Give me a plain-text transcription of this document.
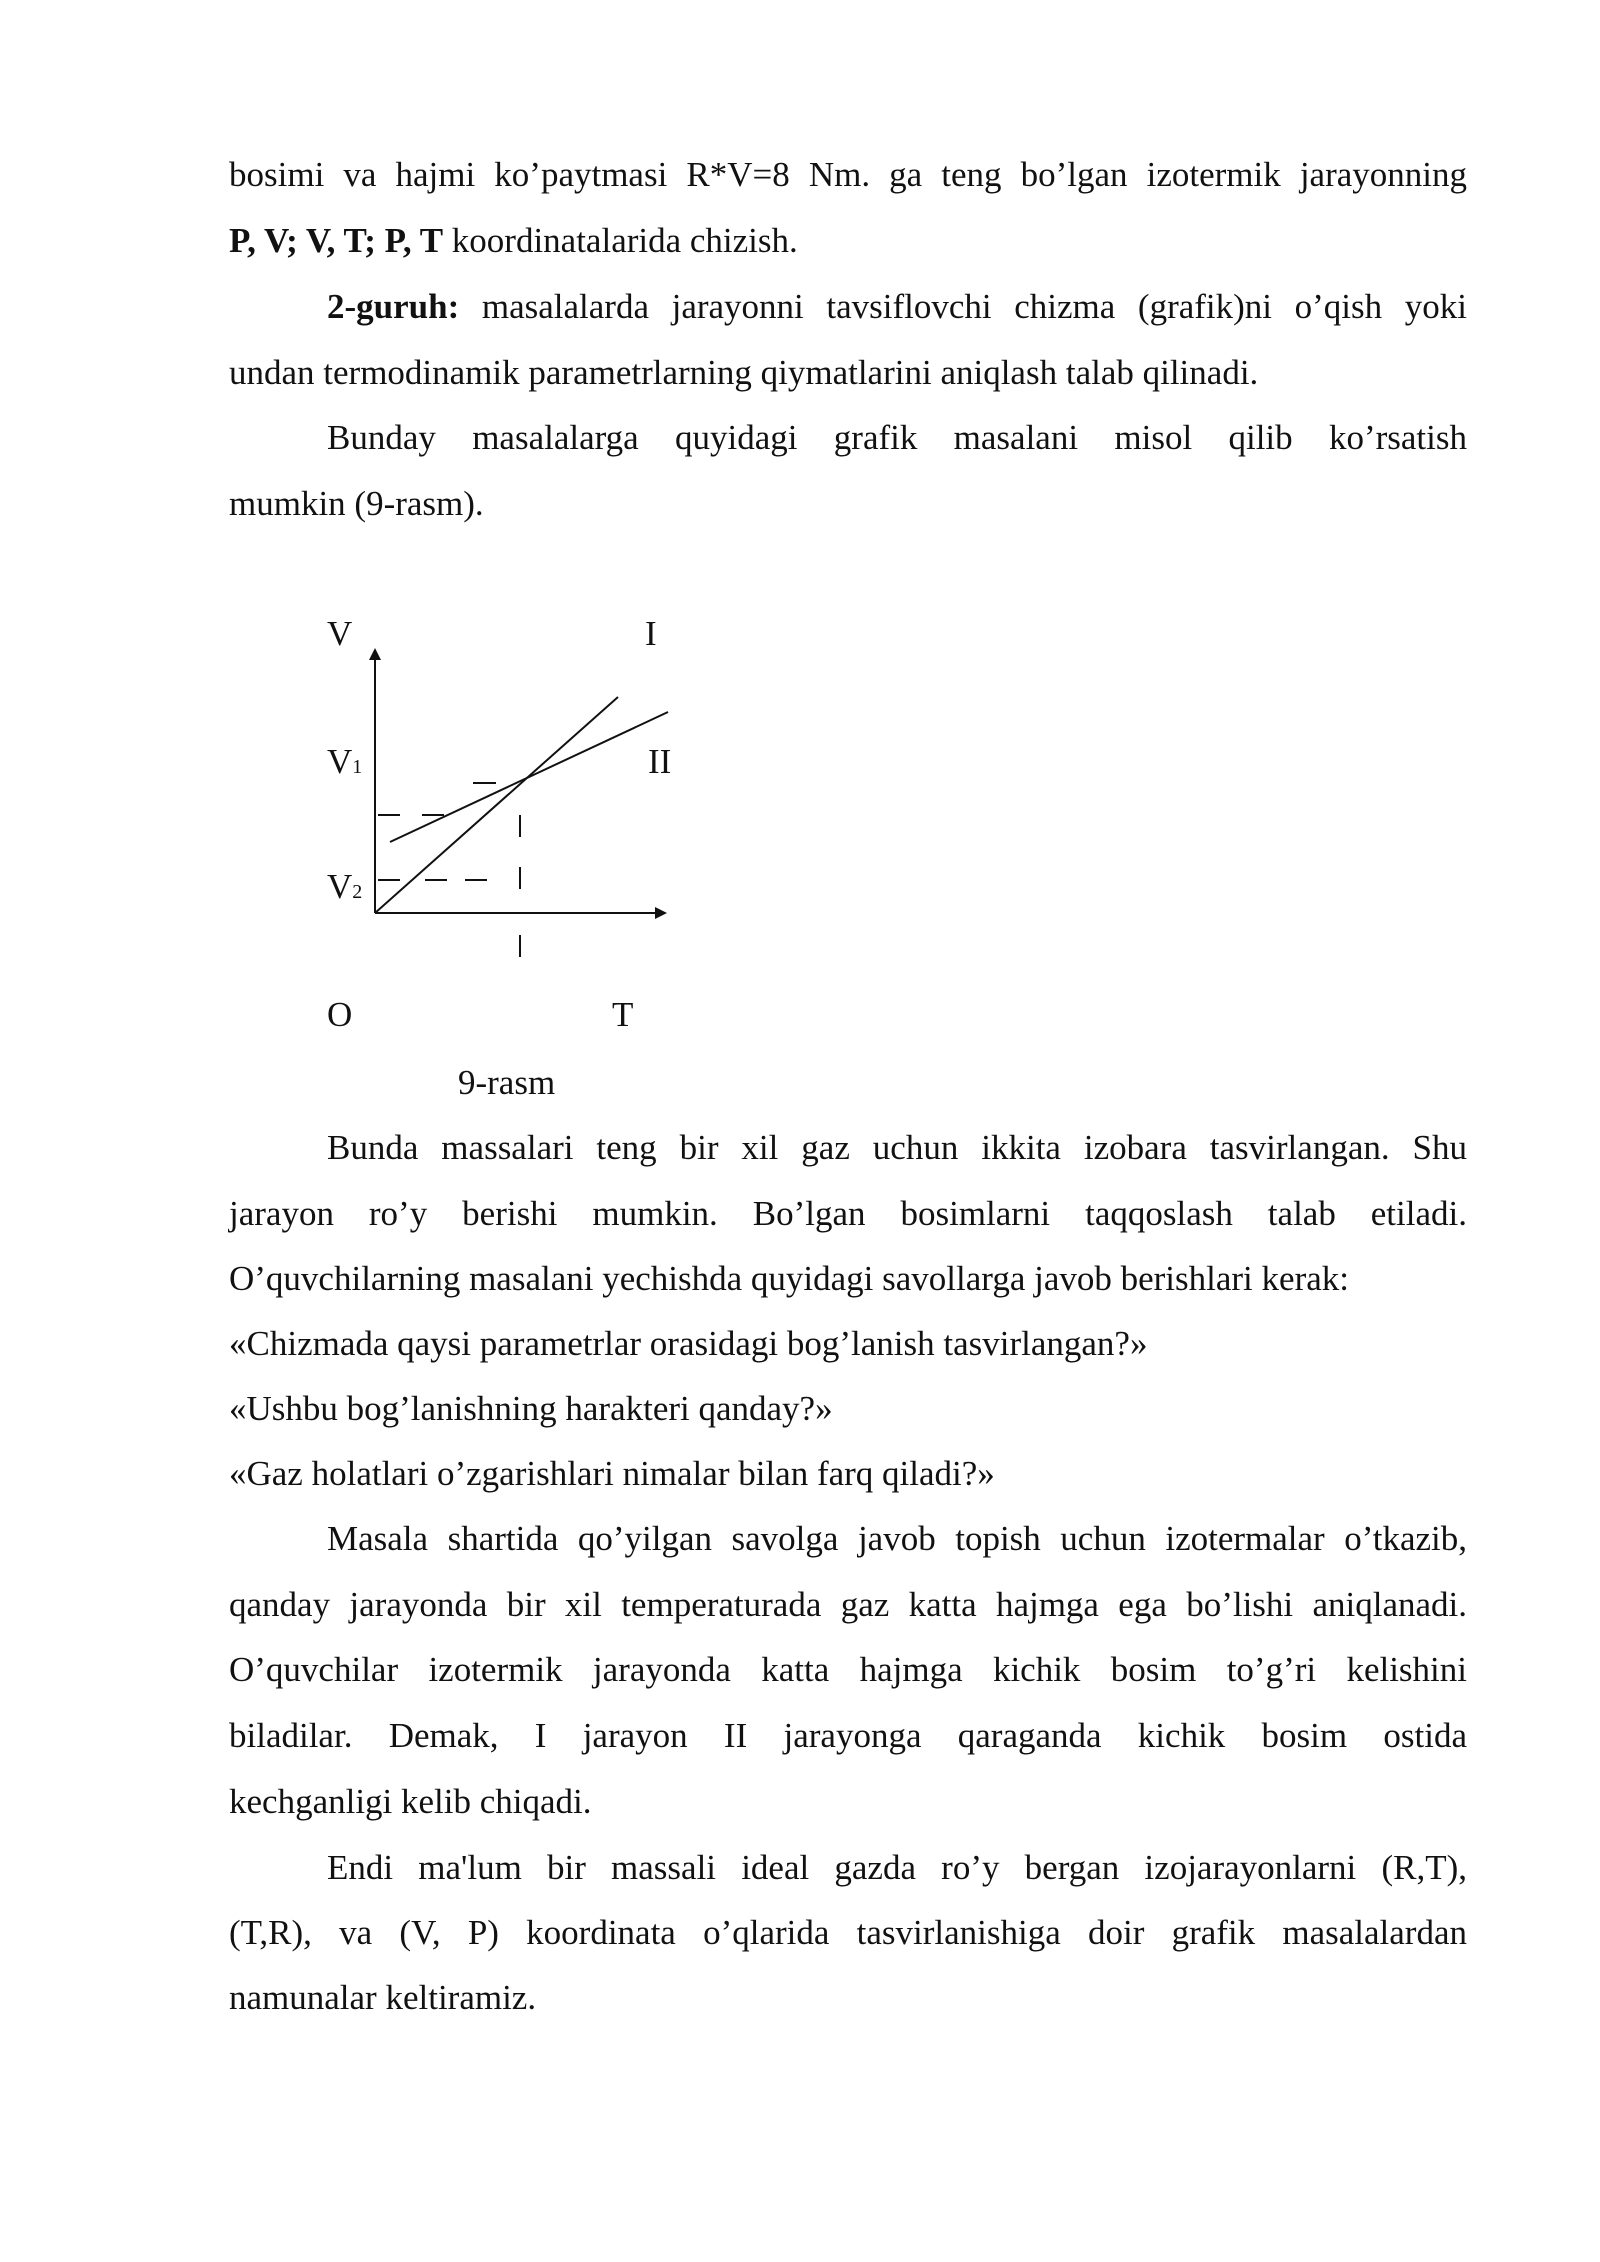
bosimi va hajmi ko’paytmasi R*V=8 Nm. ga teng bo’lgan izotermik jarayonning
P, V; V, T; P, T koordinatalarida chizish.
2-guruh: masalalarda jarayonni tavsiflovchi chizma (grafik)ni o’qish yoki
undan termodinamik parametrlarning qiymatlarini aniqlash talab qilinadi.
Bunday masalalarga quyidagi grafik masalani misol qilib ko’rsatish
mumkin (9-rasm).
V	I
V1	II
V2
O	T
9-rasm
Bunda massalari teng bir xil gaz uchun ikkita izobara tasvirlangan. Shu
jarayon ro’y berishi mumkin. Bo’lgan bosimlarni taqqoslash talab etiladi.
O’quvchilarning masalani yechishda quyidagi savollarga javob berishlari kerak:
«Chizmada qaysi parametrlar orasidagi bog’lanish tasvirlangan?»
«Ushbu bog’lanishning harakteri qanday?»
«Gaz holatlari o’zgarishlari nimalar bilan farq qiladi?»
Masala shartida qo’yilgan savolga javob topish uchun izotermalar o’tkazib,
qanday jarayonda bir xil temperaturada gaz katta hajmga ega bo’lishi aniqlanadi.
O’quvchilar izotermik jarayonda katta hajmga kichik bosim to’g’ri kelishini
biladilar. Demak, I jarayon II jarayonga qaraganda kichik bosim ostida
kechganligi kelib chiqadi.
Endi ma'lum bir massali ideal gazda ro’y bergan izojarayonlarni (R,T),
(T,R), va (V, P) koordinata o’qlarida tasvirlanishiga doir grafik masalalardan
namunalar keltiramiz.
